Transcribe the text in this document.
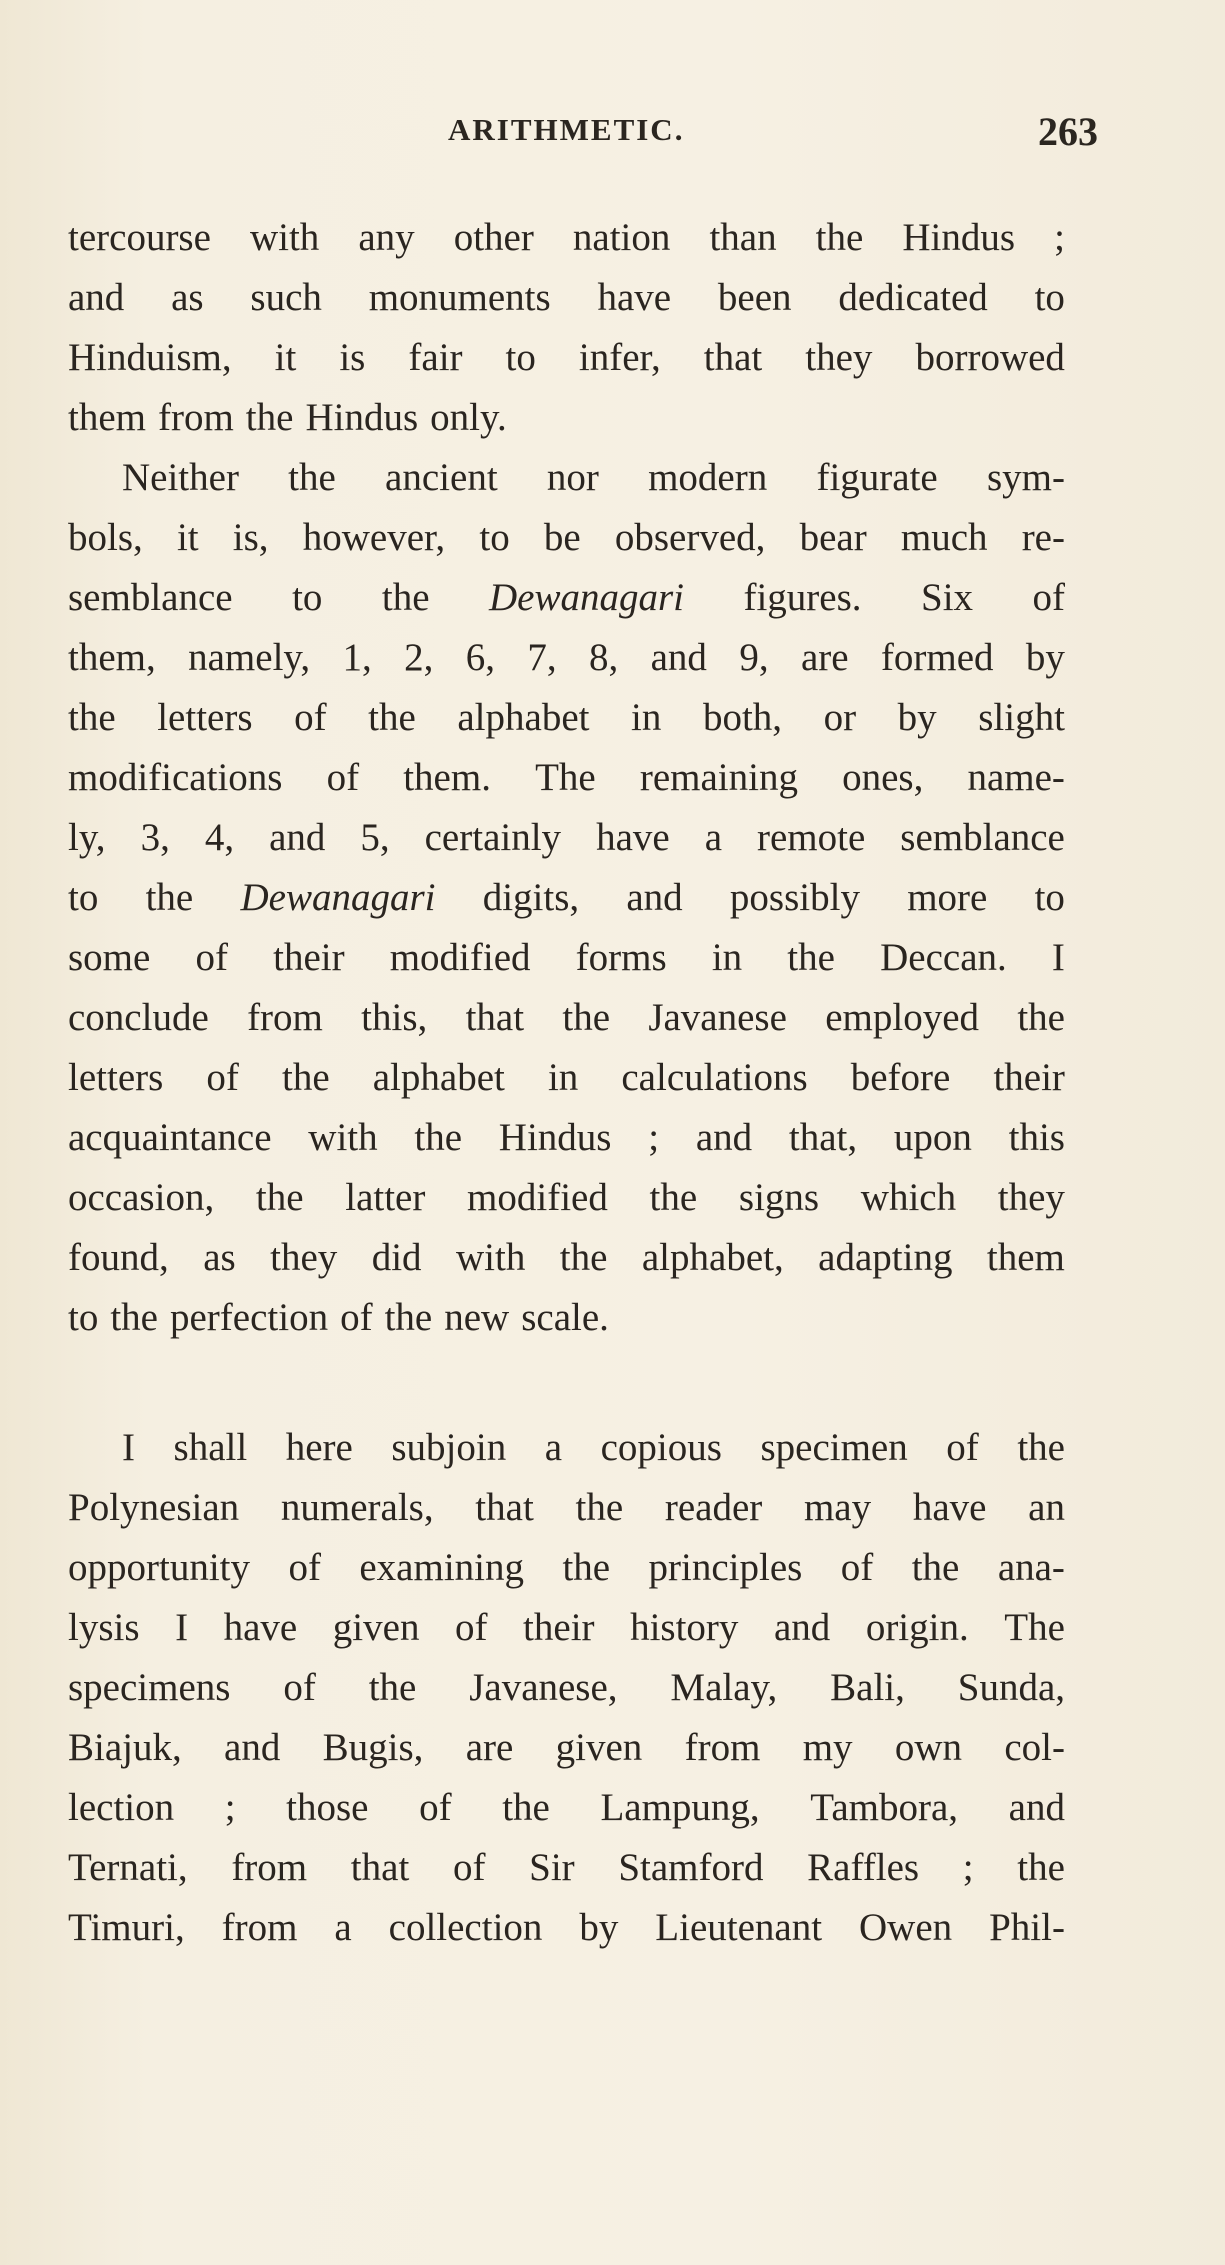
ARITHMETIC.	263
tercourse with any other nation than the Hindus ;
and as such monuments have been dedicated to
Hinduism, it is fair to infer, that they borrowed
them from the Hindus only.
Neither the ancient nor modern figurate sym-
bols, it is, however, to be observed, bear much re-
semblance to the Dewanagari figures. Six of
them, namely, 1, 2, 6, 7, 8, and 9, are formed by
the letters of the alphabet in both, or by slight
modifications of them. The remaining ones, name-
ly, 3, 4, and 5, certainly have a remote semblance
to the Dewanagari digits, and possibly more to
some of their modified forms in the Deccan. I
conclude from this, that the Javanese employed the
letters of the alphabet in calculations before their
acquaintance with the Hindus ; and that, upon this
occasion, the latter modified the signs which they
found, as they did with the alphabet, adapting them
to the perfection of the new scale.
I shall here subjoin a copious specimen of the
Polynesian numerals, that the reader may have an
opportunity of examining the principles of the ana-
lysis I have given of their history and origin. The
specimens of the Javanese, Malay, Bali, Sunda,
Biajuk, and Bugis, are given from my own col-
lection ; those of the Lampung, Tambora, and
Ternati, from that of Sir Stamford Raffles ; the
Timuri, from a collection by Lieutenant Owen Phil-
